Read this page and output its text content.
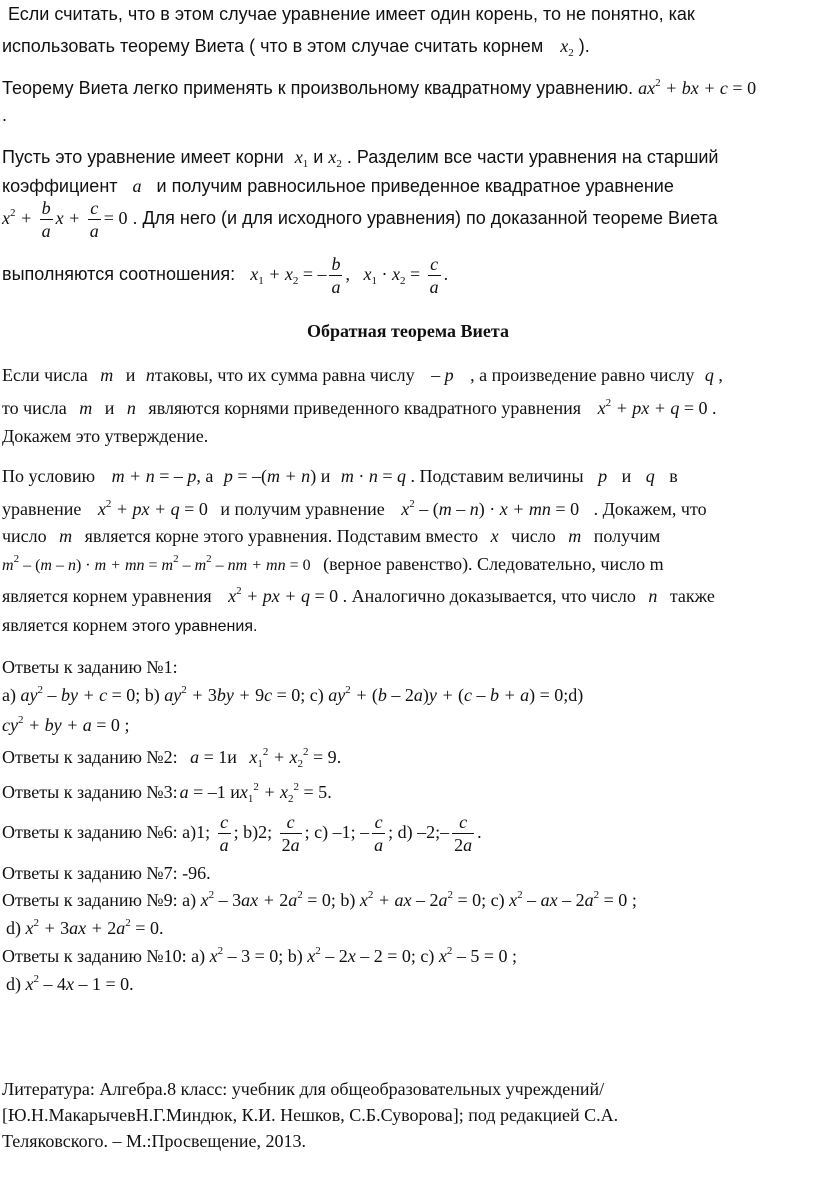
Если считать, что в этом случае уравнение имеет один корень, то не понятно, как
использовать теорему Виета ( что в этом случае считать корнем $x_2$ ).
Теорему Виета легко применять к произвольному квадратному уравнению. $ax^2$ + bx + c = 0
.
Пусть это уравнение имеет корни $x_1$ и $x_2$ . Разделим все части уравнения на старший
коэффициент a и получим равносильное приведенное квадратное уравнение
$x^2 + \frac{b}{a}$ $x + \frac{c}{a} = 0$ . Для него (и для исходного уравнения) по доказанной теореме Виета
выполняются соотношения: $x_1 + x_2$ = – $\frac{b}{a}$ ,   $x_1 \cdot x_2 = \frac{c}{a}$ .
Обратная теорема Виета
Если числа m и nтаковы, что их сумма равна числу – p , а произведение равно числу q ,
то числа m и n являются корнями приведенного квадратного уравнения $x^2$ + px + q = 0 .
Докажем это утверждение.
По условию m + n = – p, а p = –(m + n) и m · n = q . Подставим величины p и q в
уравнение $x^2$ + px + q = 0 и получим уравнение $x^2 - (m - n) \cdot x$ + mn = 0 . Докажем, что
число m является корне этого уравнения. Подставим вместо x число m получим
$m^2 - (m - n) \cdot m$ + mn = $m^2 - m^2$ – nm + mn = 0 (верное равенство). Следовательно, число m
является корнем уравнения $x^2$ + px + q = 0 . Аналогично доказывается, что число n также
является корнем этого уравнения.
Ответы к заданию №1:
а) $ay^2$ – by + c = 0; b) $ay^2 + 3by + 9c = 0$; c) $ay^2 + (b - 2a)y + (c - b + a)$ = 0;d)
$cy^2$ + by + a = 0 ;
Ответы к заданию №2: a = 1и $x_1^2 + x_2^2 = 9$.
Ответы к заданию №3: a = –1 $иx_1^2 + x_2^2 = 5$.
Ответы к заданию №6: а)1; $\frac{c}{a}$ ; b)2; $\frac{c}{2a}$ ; c) –1; – $\frac{c}{a}$ ; d) –2;– $\frac{c}{2a}$ .
Ответы к заданию №7: -96.
Ответы к заданию №9: а) $x^2 - 3ax + 2a^2 = 0$; b) $x^2$ + ax – $2a^2 = 0$; c) $x^2$ – ax – $2a^2 = 0$ ;
d) $x^2 + 3ax + 2a^2 = 0$.
Ответы к заданию №10: а) $x^2 - 3 = 0$; b) $x^2 - 2x - 2 = 0$; c) $x^2 - 5 = 0$ ;
d) $x^2 - 4x - 1 = 0$.
Литература: Алгебра.8 класс: учебник для общеобразовательных учреждений/
[Ю.Н.МакарычевН.Г.Миндюк, К.И. Нешков, С.Б.Суворова]; под редакцией С.А.
Теляковского. – М.:Просвещение, 2013.
